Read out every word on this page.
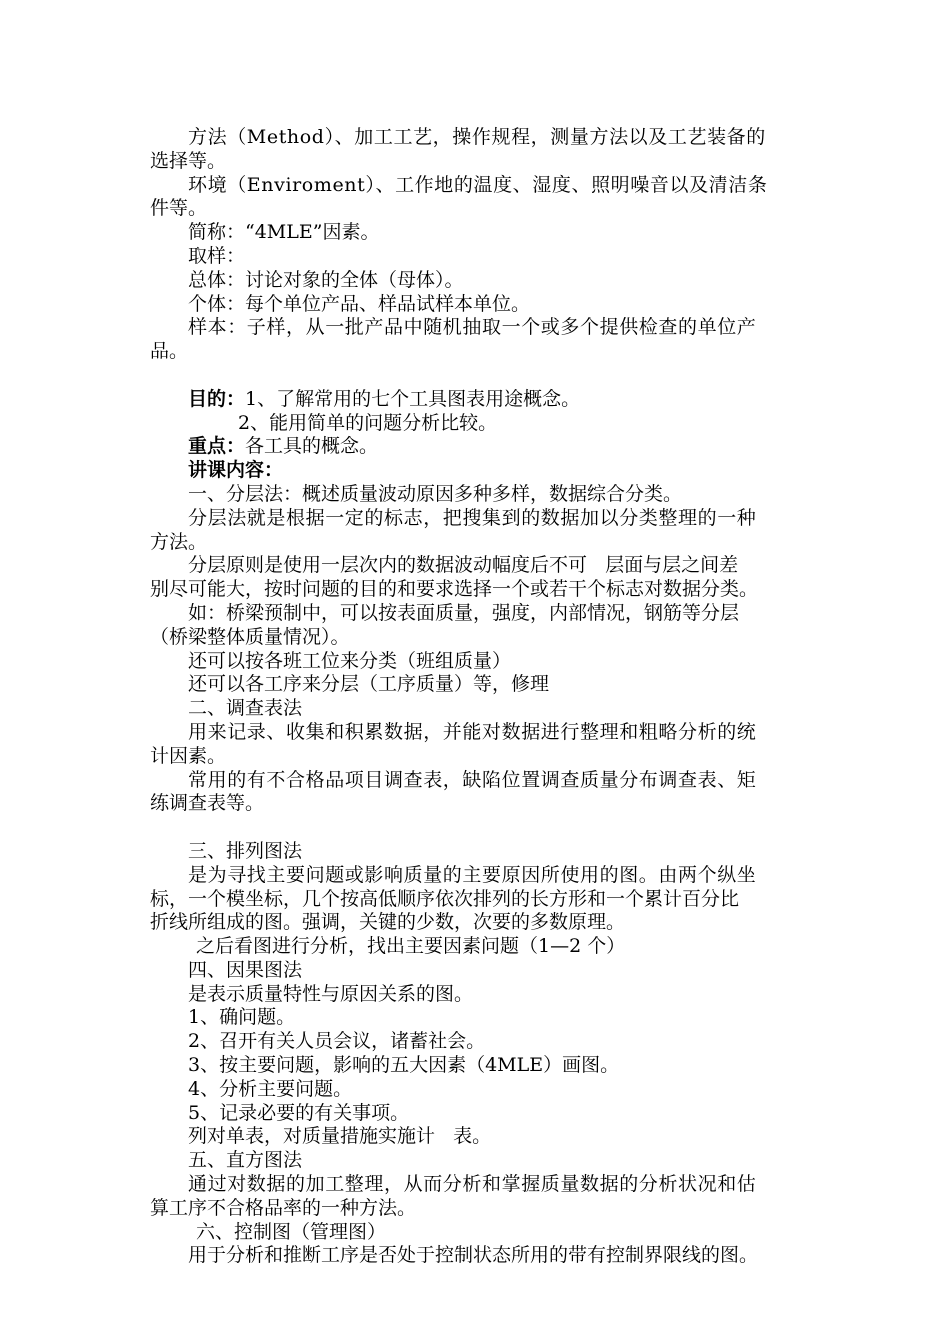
方法（Method）、加工工艺，操作规程，测量方法以及工艺装备的
选择等。
环境（Enviroment）、工作地的温度、湿度、照明噪音以及清洁条
件等。
简称：“4MLE”因素。
取样：
总体：讨论对象的全体（母体）。
个体：每个单位产品、样品试样本单位。
样本：子样，从一批产品中随机抽取一个或多个提供检查的单位产
品。
目的：1、了解常用的七个工具图表用途概念。
2、能用简单的问题分析比较。
重点：各工具的概念。
讲课内容：
一、分层法：概述质量波动原因多种多样，数据综合分类。
分层法就是根据一定的标志，把搜集到的数据加以分类整理的一种
方法。
分层原则是使用一层次内的数据波动幅度后不可   层面与层之间差
别尽可能大，按时问题的目的和要求选择一个或若干个标志对数据分类。
如：桥梁预制中，可以按表面质量，强度，内部情况，钢筋等分层
（桥梁整体质量情况）。
还可以按各班工位来分类（班组质量）
还可以各工序来分层（工序质量）等，修理
二、调查表法
用来记录、收集和积累数据，并能对数据进行整理和粗略分析的统
计因素。
常用的有不合格品项目调查表，缺陷位置调查质量分布调查表、矩
练调查表等。
三、排列图法
是为寻找主要问题或影响质量的主要原因所使用的图。由两个纵坐
标，一个模坐标，几个按高低顺序依次排列的长方形和一个累计百分比
折线所组成的图。强调，关键的少数，次要的多数原理。
之后看图进行分析，找出主要因素问题（1—2 个）
四、因果图法
是表示质量特性与原因关系的图。
1、确问题。
2、召开有关人员会议，诸蓄社会。
3、按主要问题，影响的五大因素（4MLE）画图。
4、分析主要问题。
5、记录必要的有关事项。
列对单表，对质量措施实施计   表。
五、直方图法
通过对数据的加工整理，从而分析和掌握质量数据的分析状况和估
算工序不合格品率的一种方法。
六、控制图（管理图）
用于分析和推断工序是否处于控制状态所用的带有控制界限线的图。
